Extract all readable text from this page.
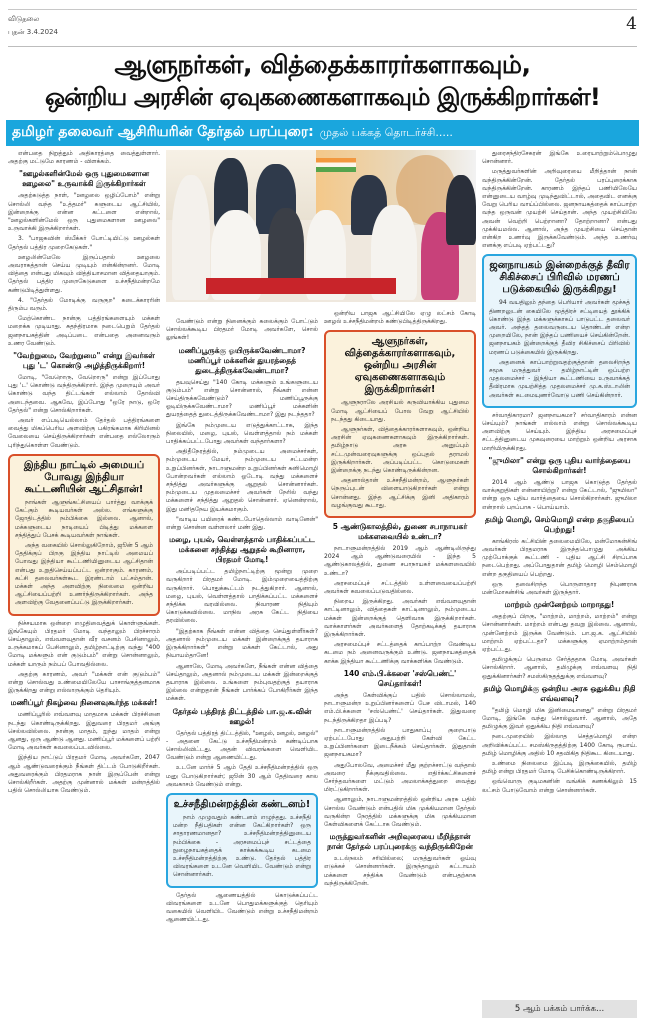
விடுதலை
புதன் 3.4.2024	4
ஆளுநர்கள், வித்தைக்காரர்களாகவும்,
ஒன்றிய அரசின் ஏவுகணைகளாகவும் இருக்கிறார்கள்!
தமிழர் தலைவர் ஆசிரியரின் தேர்தல் பரப்புரை: முதல் பக்கத் தொடர்ச்சி.....

என்பதை நிறுத்தும் அதிகாரத்தை வைத்துள்ளார். அதற்கு மட்டுமே காரணம் - விளக்கம்.

"ஊழல்களின்மேல் ஒரு புதுமைகளான ஊழலை" உருவாக்கி இருக்கிறார்கள்

அதற்கடுத்த நாள், "ஊழலை ஒழிப்போம்" என்று சொல்லி வந்த "உத்தமர்" களுடைய ஆட்சியில், இன்றைக்கு என்ன கட்டளை என்றால், "ஊழல்களின்மேல் ஒரு புதுமைகளான ஊழலை" உருவாக்கி இருக்கிறார்கள்.

3. "பாஜகவின் ஸ்பீக்கர் போட்டியிட்டு ஊழல்கள் தேர்தல் பத்திர முறைகேடுகள்."

ஊழலின்மேலே இருப்பதால் ஊழலை அவராகத்தான் செய்ய முடியும் என்கின்றனர். மோடி வித்தை என்பது மிகவும் வித்தியாசமான வித்தையாகும். தேர்தல் பத்திர முறைகேடுகளை உச்சநீதிமன்றமே கண்டுபிடித்துள்ளது.

4. "தேர்தல் மோடிக்கு வருகுற" கடைக்காரரின் திரும்ப வரும்.

மேற்கொண்ட நான்கு பத்திரங்களையும் மக்கள் மறைக்க முடியாது. சுதந்திரமாக நடைபெறும் தேர்தல் ஜனநாயகத்தின் அடிப்படை என்பதை அனைவரும் உணர வேண்டும்.

"வேற்றுமை, வேற்றுமை" என்று இவர்கள் புது 'ட' கொண்டு அழித்திருக்கிறார்!

மோடி, "வேறொரு, வேறொரு" என்று இப்போது புது 'ட' கொண்டு வந்திருக்கிறார். இந்த முறையும் அவர் கொண்டு வந்த திட்டங்கள் எல்லாம் தோல்வி அடைந்தவை. ஆகவே, இப்போது "ஒரே நாடு, ஒரே தேர்தல்" என்று சொல்கிறார்கள்.

அவர் எப்படியெல்லாம் தேர்தல் பத்திரங்களை வைத்து மிகப்பெரிய அளவிற்கு பகிரங்கமாக கிரிமினல் வேலையை செய்திருக்கிறார்கள் என்பதை எல்லோரும் புரிந்துகொள்ள வேண்டும்.

இந்திய நாட்டில் அமையப் போவது இந்தியா கூட்டணியின் ஆட்சிதான்!

நாங்கள் ஆளுங்கட்சியைப் பார்த்து வாக்குக் கேட்கும் கூடியவர்கள் அல்ல. எங்களுக்கு ஜோதிடத்தில் நம்பிக்கை இல்லை. ஆனால், மக்களுடைய நாடியைப் பிடித்து மக்களை சந்தித்துப் பேசக் கூடியவர்கள் நாங்கள்.

அந்த வகையில் சொல்லுகிறோம், ஜூன் 5 ஆம் தேதிக்குப் பிறகு இந்திய நாட்டில் அமையப் போவது இந்தியா கூட்டணியினுடைய ஆட்சிதான் என்பது உறுதிசெய்யப்பட்ட ஒன்றாகும். காரணம், கட்சி தலைவர்கள்கூட இரண்டாம் பட்சம்தான். மக்கள் அந்த அளவிற்கு நிலைமை ஒன்றிய ஆட்சியைப்பற்றி உணர்ந்திருக்கிறார்கள். அந்த அளவிற்கு வேதனைப்பட்டு இருக்கிறார்கள்.

நிச்சயமாக ஒன்றை எழுதிவைத்துக் கொள்ளுங்கள். இங்கேயும் பிரதமர் மோடி வந்தாலும் பிரச்சாரம் செய்தாலும், எவ்வளவுதான் வீர வசனம் பேசினாலும், உருக்கமாகப் பேசினாலும், தமிழ்நாட்டிற்கு வந்து "400 மோடி மக்களும் என் குடும்பம்" என்று சொன்னாலும், மக்கள் யாரும் நம்பப் போவதில்லை.

அதற்கு காரணம், அவர் "மக்கள் என் குடும்பம்" என்று சொல்வது உண்மையிலேயே பாசாங்குத்தனமாக இருக்கிறது என்று எல்லாருக்கும் தெரியும்.

மணிப்பூர் நிகழ்வை நினைவுகூர்ந்த மக்கள்!

மணிப்பூரில் எவ்வளவு மாதமாக மக்கள் பிரச்சினை நடந்து கொண்டிருக்கிறது. இதுவரை பிரதமர் அங்கு செல்லவில்லை. நான்கு மாதம், ஐந்து மாதம் என்று ஆனது, ஒரு ஆண்டு ஆனது. மணிப்பூர் மக்களைப் பற்றி மோடி அவர்கள் கவலைப்படவில்லை.

இந்திய நாட்டுப் பிரதமர் மோடி அவர்களே, 2047 ஆம் ஆண்டுவரைக்கும் நீங்கள் திட்டம் போடுகிறீர்கள். அதுவரைக்கும் பிரதமராக நான் இருப்பேன் என்று சொல்கிறீர்கள். அதற்கு முன்னால் மக்கள் மன்றத்தில் பதில் சொல்லியாக வேண்டும்.

வேண்டும் என்று நினைக்கும் கலைக்கும் போட்டும் சொல்லக்கூடிய பிரதமர் மோடி அவர்களே, சொல் லுங்கள்!

மணிப்பூருக்கு ஓயிருக்கவேண்டாமா? மணிப்பூர் மக்களின் துயரத்தைத் துடைத்திருக்கவேண்டாமா?

தயவுசெய்து "140 கோடி மக்களும் உங்களுடைய குடும்பம்" என்று சொன்னால், நீங்கள் என்ன செய்திருக்கவேண்டும்? மணிப்பூருக்கு ஓடியிருக்கவேண்டாமா? மணிப்பூர் மக்களின் துயரத்தைத் துடைத்திருக்கவேண்டாமா? இது நடந்ததா?

இங்கே நம்முடைய எடுத்துக்காட்டாக, இந்த நிலையில், மழை, புயல், வெள்ளத்தால் நம் மக்கள் பாதிக்கப்பட்டபோது அவர்கள் வந்தார்களா?

அதிதீநேரத்தில், நம்முடைய அமைச்சர்கள், நம்முடைய மேயர், நம்முடைய சட்டமன்ற உறுப்பினர்கள், நாடாளுமன்ற உறுப்பினர்கள் கனிமொழி போன்றவர்கள் எல்லாம் ஓடோடி வந்து மக்களைச் சந்தித்து அவர்களுக்கு ஆறுதல் சொன்னார்கள். நம்முடைய முதலமைச்சர் அவர்கள் நேரில் வந்து மக்களைச் சந்தித்து ஆறுதல் சொன்னார். ஏனென்றால், இது மனிதநேய இயக்கமாகும்.

"வாடிய பயிரைக் கண்டபோதெல்லாம் வாடினேன்" என்று சொன்ன வள்ளலார் மண் இது.

மழை, புயல், வெள்ளத்தால் பாதிக்கப்பட்ட மக்களை சந்தித்து ஆறுதல் கூறினாரா, பிரதமர் மோடி!

அப்படிப்பட்ட தமிழ்நாட்டிற்கு மூன்று முறை வருகிறார் பிரதமர் மோடி. இம்முறையைத்திற்கு வருகிறார். பொதுக்கூட்டம் நடத்துகிறார். ஆனால், மழை, புயல், வெள்ளத்தால் பாதிக்கப்பட்ட மக்களைச் சந்திக்க வரவில்லை. நிவாரண நிதியும் கொடுக்கவில்லை. மாநில அரசு கேட்ட நிதியை தரவில்லை.

"இதற்காக நீங்கள் என்ன வித்தை செய்துள்ளீர்கள்? அதனால் நம்முடைய மக்கள் இன்றைக்குத் தயாராக இருக்கிறார்கள்" என்று மக்கள் கேட்டால், அது நியாயம்தானே!

ஆனாலே, மோடி அவர்களே, நீங்கள் என்ன வித்தை செய்தாலும், அதனால் நம்முடைய மக்கள் இன்றைக்குத் தயாராக இல்லை. உங்களை நம்புவதற்குத் தயாராக இல்லை என்றுதான் நீங்கள் பார்க்கப் போகிறீர்கள் இந்த மக்கள்.

தேர்தல் பத்திரத் திட்டத்தில் பா.ஜ.க.வின் ஊழல்!

தேர்தல் பத்திரத் திட்டத்தில், "ஊழல், ஊழல், ஊழல்" - அதனை கேட்டு உச்சநீதிமன்றம் கண்டிப்பாக சொல்லிவிட்டது. அதன் விவரங்களை வெளியிட வேண்டும் என்று ஆணையிட்டது.

உடனே மார்ச் 5 ஆம் தேதி உச்சநீதிமன்றத்தில் ஒரு மனு போடுகிறார்கள்; ஜூன் 30 ஆம் தேதிவரை கால அவகாசம் வேண்டும் என்று.

உச்சநீதிமன்றத்தின் கண்டனம்!

நாம் முழுவதும் கண்டனம் எழுந்தது. உச்சநீதி மன்ற நீதிபதிகள் என்ன கேட்கிறார்கள்? ஒரு சாதாரணமானதா? உச்சநீதிமன்றத்தினுடைய நம்பிக்கை - அரசமைப்புச் சட்டத்தை நுழைநாயகத்தைக் காக்கக்கூடிய கடமை உச்சநீதிமன்றத்திற்கு உண்டு. தேர்தல் பத்திர விவரங்களை உடனே வெளியிட வேண்டும் என்று சொன்னார்கள்.

தேர்தல் ஆணையத்தில் கொடுக்கப்பட்ட விவரங்களை உடனே பொதுமக்களுக்குத் தெரியும் வகையில் வெளியிட வேண்டும் என்று உச்சநீதிமன்றம் ஆணையிட்டது.

ஒன்றிய பாஜக ஆட்சியிலே ஏழு லட்சம் கோடி ஊழல் உச்சநீதிமன்றம் கண்டுபிடித்திருக்கிறது.

ஆளுநர்கள், வித்தைக்காரர்களாகவும், ஒன்றிய அரசின் ஏவுகணைகளாகவும் இருக்கிறார்கள்!

ஆளுநராலே அரசியல் கருவியாக்கிய புதுமை மோடி ஆட்சியைப் போல வேறு ஆட்சியில் நடந்தது கிடையாது.

ஆளுநர்கள், வித்தைக்காரர்களாகவும், ஒன்றிய அரசின் ஏவுகணைகளாகவும் இருக்கிறார்கள். தமிழ்நாடு அரசு அனுப்பும் சட்டமுன்வரைவுகளுக்கு ஒப்புதல் தராமல் இருக்கிறார்கள். அப்படிப்பட்ட கொடுமைகள் இன்றைக்கு நடந்து கொண்டிருக்கின்றன.

அதனால்தான் உச்சநீதிமன்றம், ஆளுநர்கள் நெருப்புடன் விளையாடுகிறார்கள் என்று சொன்னது. இந்த ஆட்சிக்கு இனி அதிகாரம் வழங்குவது கூடாது.

5 ஆண்டுகாலத்தில், துணை சபாநாயகர் மக்களவையில் உண்டா?

நாடாளுமன்றத்தில் 2019 ஆம் ஆண்டிலிருந்து 2024 ஆம் ஆண்டுவரையில் - இந்த 5 ஆண்டுகாலத்தில், துணை சபாநாயகர் மக்களவையில் உண்டா?

அரசமைப்புச் சட்டத்தில் உள்ளவையைப்பற்றி அவர்கள் கவலைப்படுவதில்லை.

நிறைய இருக்கிறது. அவர்கள் எவ்வளவுதான் காட்டினாலும், வித்தைகள் காட்டினாலும், நம்முடைய மக்கள் இன்றைக்குத் தெளிவாக இருக்கிறார்கள். வாக்காளர்கள் அவர்களைத் தோற்கடிக்கத் தயாராக இருக்கிறார்கள்.

அரசமைப்புச் சட்டத்தைக் காப்பாற்ற வேண்டிய கடமை நம் அனைவருக்கும் உண்டு. ஜனநாயகத்தைக் காக்க இந்தியா கூட்டணிக்கு வாக்களிக்க வேண்டும்.

140 எம்.பி.க்களை 'சஸ்பெண்ட்' செய்தார்கள்!

அந்த கேள்விக்குப் பதில் சொல்லாமல், நாடாளுமன்ற உறுப்பினர்களைப் பேச விடாமல், 140 எம்.பி.க்களை 'சஸ்பெண்ட்' செய்தார்கள். இதுவரை நடந்திருக்கிறதா இப்படி?

நாடாளுமன்றத்தில் பாதுகாப்பு குறைபாடு ஏற்பட்டபோது அதுபற்றி கேள்வி கேட்ட உறுப்பினர்களை இடைநீக்கம் செய்தார்கள். இதுதான் ஜனநாயகமா?

அதுபோலவே, அமைச்சர் மீது குற்றச்சாட்டு வந்தால் அவரை நீக்குவதில்லை. எதிர்க்கட்சிகளைச் சேர்ந்தவர்களை மட்டும் அமலாக்கத்துறை வைத்து மிரட்டுகிறார்கள்.

ஆனாலும், நாடாளுமன்றத்தில் ஒன்றிய அரசு பதில் சொல்ல வேண்டும் என்பதில் மிக முக்கியமான தேர்தல் வருகின்ற நேரத்தில் மக்களுக்கு மிக முக்கியமான கேள்விகளைக் கேட்டாக வேண்டும்.

மருத்துவர்களின் அறிவுரையை மீறித்தான் நான் தேர்தல் பரப்புரைக்கு வந்திருக்கிறேன்

உடல்நலம் சரியில்லை; மருத்துவர்கள் ஓய்வு எடுக்கச் சொன்னார்கள். இருந்தாலும் கட்டாயம் மக்களை சந்திக்க வேண்டும் என்பதற்காக வந்திருக்கிறேன்.

துரைசந்திரசேகரன் இங்கே உரையாற்றும்பொழுது சொன்னார்.

மருத்துவர்களின் அறிவுரையை மீறித்தான் நான் வந்திருக்கின்றேன். தேர்தல் பரப்புரைக்காக வந்திருக்கின்றேன். காரணம் இந்தப் பணியிலேயே என்னுடைய வாழ்வு முடிந்துவிட்டால், அதைவிட எனக்கு வேறு பெரிய வாய்ப்பில்லை. ஜனநாயகத்தைக் காப்பாற்ற வந்த ஒருவன் முயற்சி செய்தான். அந்த முயற்சியிலே அவன் வெற்றி பெற்றானா? தோற்றானா? என்பது முக்கியமல்ல. ஆனால், அந்த முயற்சியை செய்தான் என்கிற உணர்வு இருக்கவேண்டும். அந்த உணர்வு எனக்கு எப்படி ஏற்பட்டது?

ஜனநாயகம் இன்றைக்குத் தீவிர சிகிச்சைப் பிரிவில் மரணப் படுக்கையில் இருக்கிறது!

94 வயதிலும் தந்தை பெரியார் அவர்கள் மூச்சுத் திணறலுடன் கையிலே மூத்திரச் சட்டியைத் தூக்கிக் கொண்டு இந்த மக்களுக்காகப் பாடுபட்ட தலைவர் அவர். அந்தத் தலைவருடைய தொண்டன் என்ற முறையிலே, நான் இந்தப் பணியைச் செய்கின்றேன். ஜனநாயகம் இன்றைக்குத் தீவிர சிகிச்சைப் பிரிவில் மரணப் படுக்கையில் இருக்கிறது.

அதனைக் காப்பாற்றுவதற்குத்தான் தலைசிறந்த சமூக மருத்துவர் - தமிழ்நாட்டின் ஒப்பற்ற முதலமைச்சர் - இந்தியா கூட்டணியை உருவாக்கத் தீவிரமாக முயற்சித்த முதலமைச்சர் மு.க.ஸ்டாலின் அவர்கள் கடமையுணர்வோடு பணி செய்கின்றார்.

சர்வாதிகாரமா? ஜனநாயகமா? சர்வாதிகாரம் என்ன செய்யும்? நாங்கள் எல்லாம் என்று சொல்லக்கூடிய அளவிற்கு செய்யும். இந்திய அரசமைப்புச் சட்டத்தினுடைய முகவுரையை மாற்றும் ஒன்றிய அரசாக மாறியிருக்கிறது.

"ஜுமிலா" என்று ஒரு புதிய வார்த்தையை சொல்கிறார்கள்!

2014 ஆம் ஆண்டு பாஜக கொடுத்த தேர்தல் வாக்குறுதிகள் என்னாயிற்று? என்று கேட்டால், "ஜுமிலா" என்று ஒரு புதிய வார்த்தையை சொல்கிறார்கள். ஜுமிலா என்றால் பறப்பாக - பொய்யாம்.

தமிழ் மொழி, செம்மொழி என்ற தகுதியைப் பெற்றது!

காங்கிரஸ் கட்சியின் தலைமையிலே, மன்மோகன்சிங் அவர்கள் பிரதமராக இருந்தபொழுது அக்கிய முற்போக்குக் கூட்டணி - புதிய ஆட்சி சிறப்பாக நடைபெற்றது. அப்போதுதான் தமிழ் மொழி செம்மொழி என்ற தகுதியைப் பெற்றது.

ஒரு தலைசிறந்த பொருளாதார நிபுணராக மன்மோகன்சிங் அவர்கள் இருந்தார்.

மாற்றம் முன்னேற்றம் மாறாதது!

அதற்குப் பிறகு, "மாற்றம், மாற்றம், மாற்றம்" என்று சொன்னார்கள். மாற்றம் என்பது தவறு இல்லை. ஆனால், முன்னேற்றம் இருக்க வேண்டும். பா.ஜ.க. ஆட்சியில் மாற்றம் ஏற்பட்டதா? மக்களுக்கு ஏமாற்றம்தான் ஏற்பட்டது.

தமிழுக்குப் பெருமை சேர்த்ததாக மோடி அவர்கள் சொல்கிறார். ஆனால், தமிழுக்கு எவ்வளவு நிதி ஒதுக்கினார்கள்? சமஸ்கிருதத்துக்கு எவ்வளவு?

தமிழ் மொழிக்கு ஒன்றிய அரசு ஒதுக்கிய நிதி எவ்வளவு?

"தமிழ் மொழி மிக இனிமையானது" என்று பிரதமர் மோடி, இங்கே வந்து சொல்லுவார். ஆனால், அதே தமிழுக்கு இவர் ஒதுக்கிய நிதி எவ்வளவு?

நடைமுறையில் இல்லாத செத்தமொழி என்ற அறிவிக்கப்பட்ட சமஸ்கிருதத்திற்கு 1400 கோடி ரூபாய். தமிழ் மொழிக்கு அதில் 10 சதவிகித நிதிகூட கிடையாது.

உண்மை நிலைமை இப்படி இருக்கையில், தமிழ் தமிழ் என்று பிரதமர் மோடி பேசிக்கொண்டிருக்கிறார்.

ஒவ்வொரு குடிமகனின் வங்கிக் கணக்கிலும் 15 லட்சம் போடுவோம் என்று சொன்னார்கள்.

5 ஆம் பக்கம் பார்க்க...
